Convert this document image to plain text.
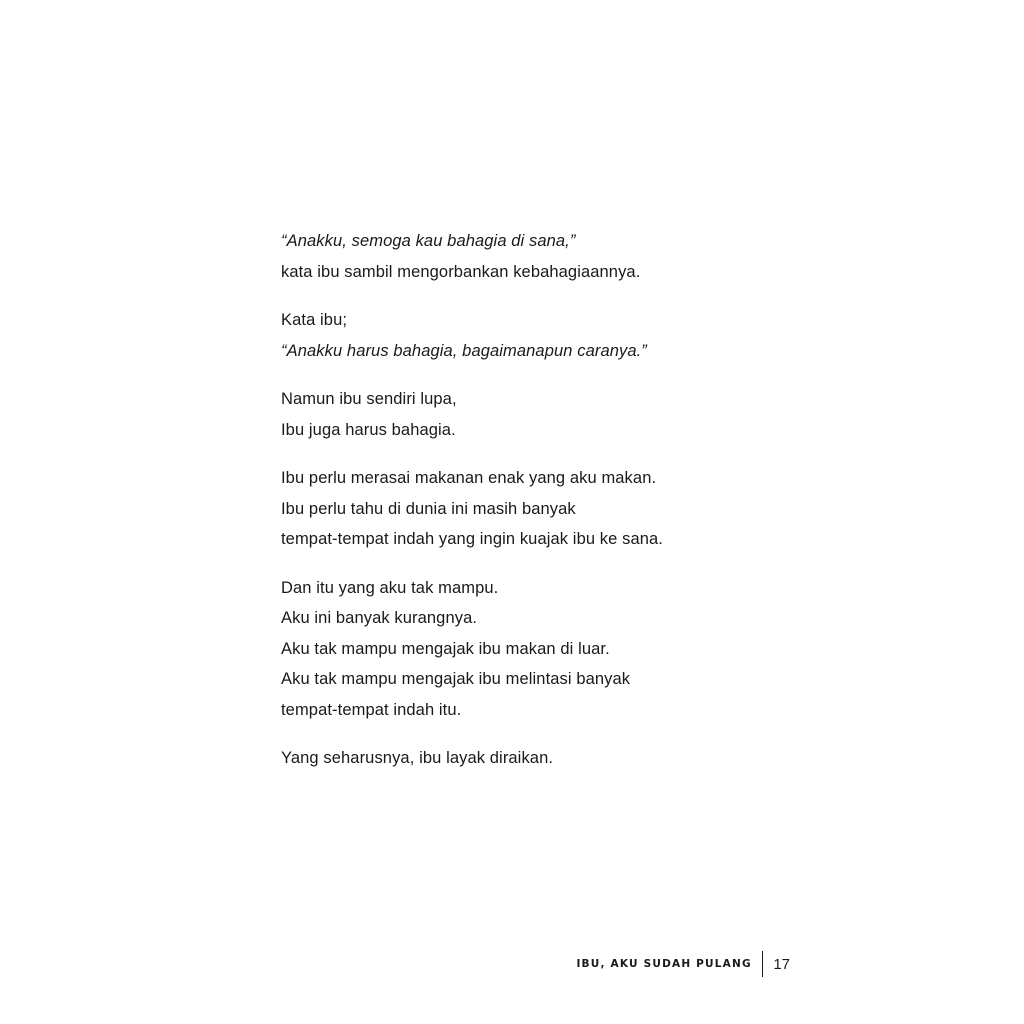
“Anakku, semoga kau bahagia di sana,”
kata ibu sambil mengorbankan kebahagiaannya.
Kata ibu;
“Anakku harus bahagia, bagaimanapun caranya.”
Namun ibu sendiri lupa,
Ibu juga harus bahagia.
Ibu perlu merasai makanan enak yang aku makan.
Ibu perlu tahu di dunia ini masih banyak
tempat-tempat indah yang ingin kuajak ibu ke sana.
Dan itu yang aku tak mampu.
Aku ini banyak kurangnya.
Aku tak mampu mengajak ibu makan di luar.
Aku tak mampu mengajak ibu melintasi banyak
tempat-tempat indah itu.
Yang seharusnya, ibu layak diraikan.
IBU, AKU SUDAH PULANG 17
